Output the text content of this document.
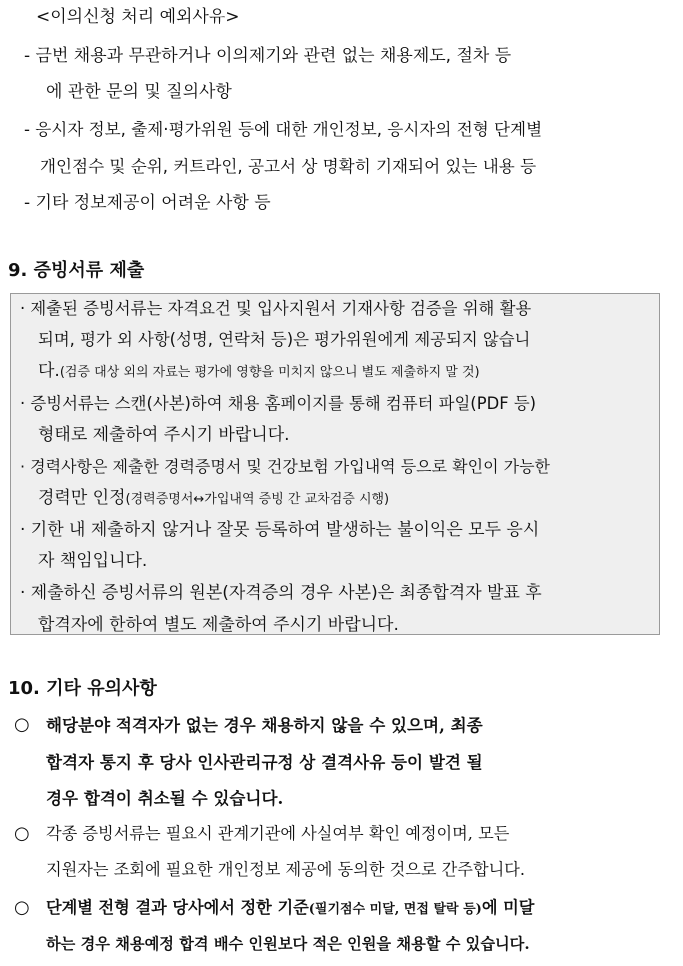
<이의신청 처리 예외사유>
- 금번 채용과 무관하거나 이의제기와 관련 없는 채용제도, 절차 등
에 관한 문의 및 질의사항
- 응시자 정보, 출제·평가위원 등에 대한 개인정보, 응시자의 전형 단계별
개인점수 및 순위, 커트라인, 공고서 상 명확히 기재되어 있는 내용 등
- 기타 정보제공이 어려운 사항 등
9. 증빙서류 제출
· 제출된 증빙서류는 자격요건 및 입사지원서 기재사항 검증을 위해 활용
되며, 평가 외 사항(성명, 연락처 등)은 평가위원에게 제공되지 않습니
다.(검증 대상 외의 자료는 평가에 영향을 미치지 않으니 별도 제출하지 말 것)
· 증빙서류는 스캔(사본)하여 채용 홈페이지를 통해 컴퓨터 파일(PDF 등)
형태로 제출하여 주시기 바랍니다.
· 경력사항은 제출한 경력증명서 및 건강보험 가입내역 등으로 확인이 가능한
경력만 인정(경력증명서↔가입내역 증빙 간 교차검증 시행)
· 기한 내 제출하지 않거나 잘못 등록하여 발생하는 불이익은 모두 응시
자 책임입니다.
· 제출하신 증빙서류의 원본(자격증의 경우 사본)은 최종합격자 발표 후
합격자에 한하여 별도 제출하여 주시기 바랍니다.
10. 기타 유의사항
○ 해당분야 적격자가 없는 경우 채용하지 않을 수 있으며, 최종
합격자 통지 후 당사 인사관리규정 상 결격사유 등이 발견 될
경우 합격이 취소될 수 있습니다.
○ 각종 증빙서류는 필요시 관계기관에 사실여부 확인 예정이며, 모든
지원자는 조회에 필요한 개인정보 제공에 동의한 것으로 간주합니다.
○ 단계별 전형 결과 당사에서 정한 기준(필기점수 미달, 면접 탈락 등)에 미달
하는 경우 채용예정 합격 배수 인원보다 적은 인원을 채용할 수 있습니다.
